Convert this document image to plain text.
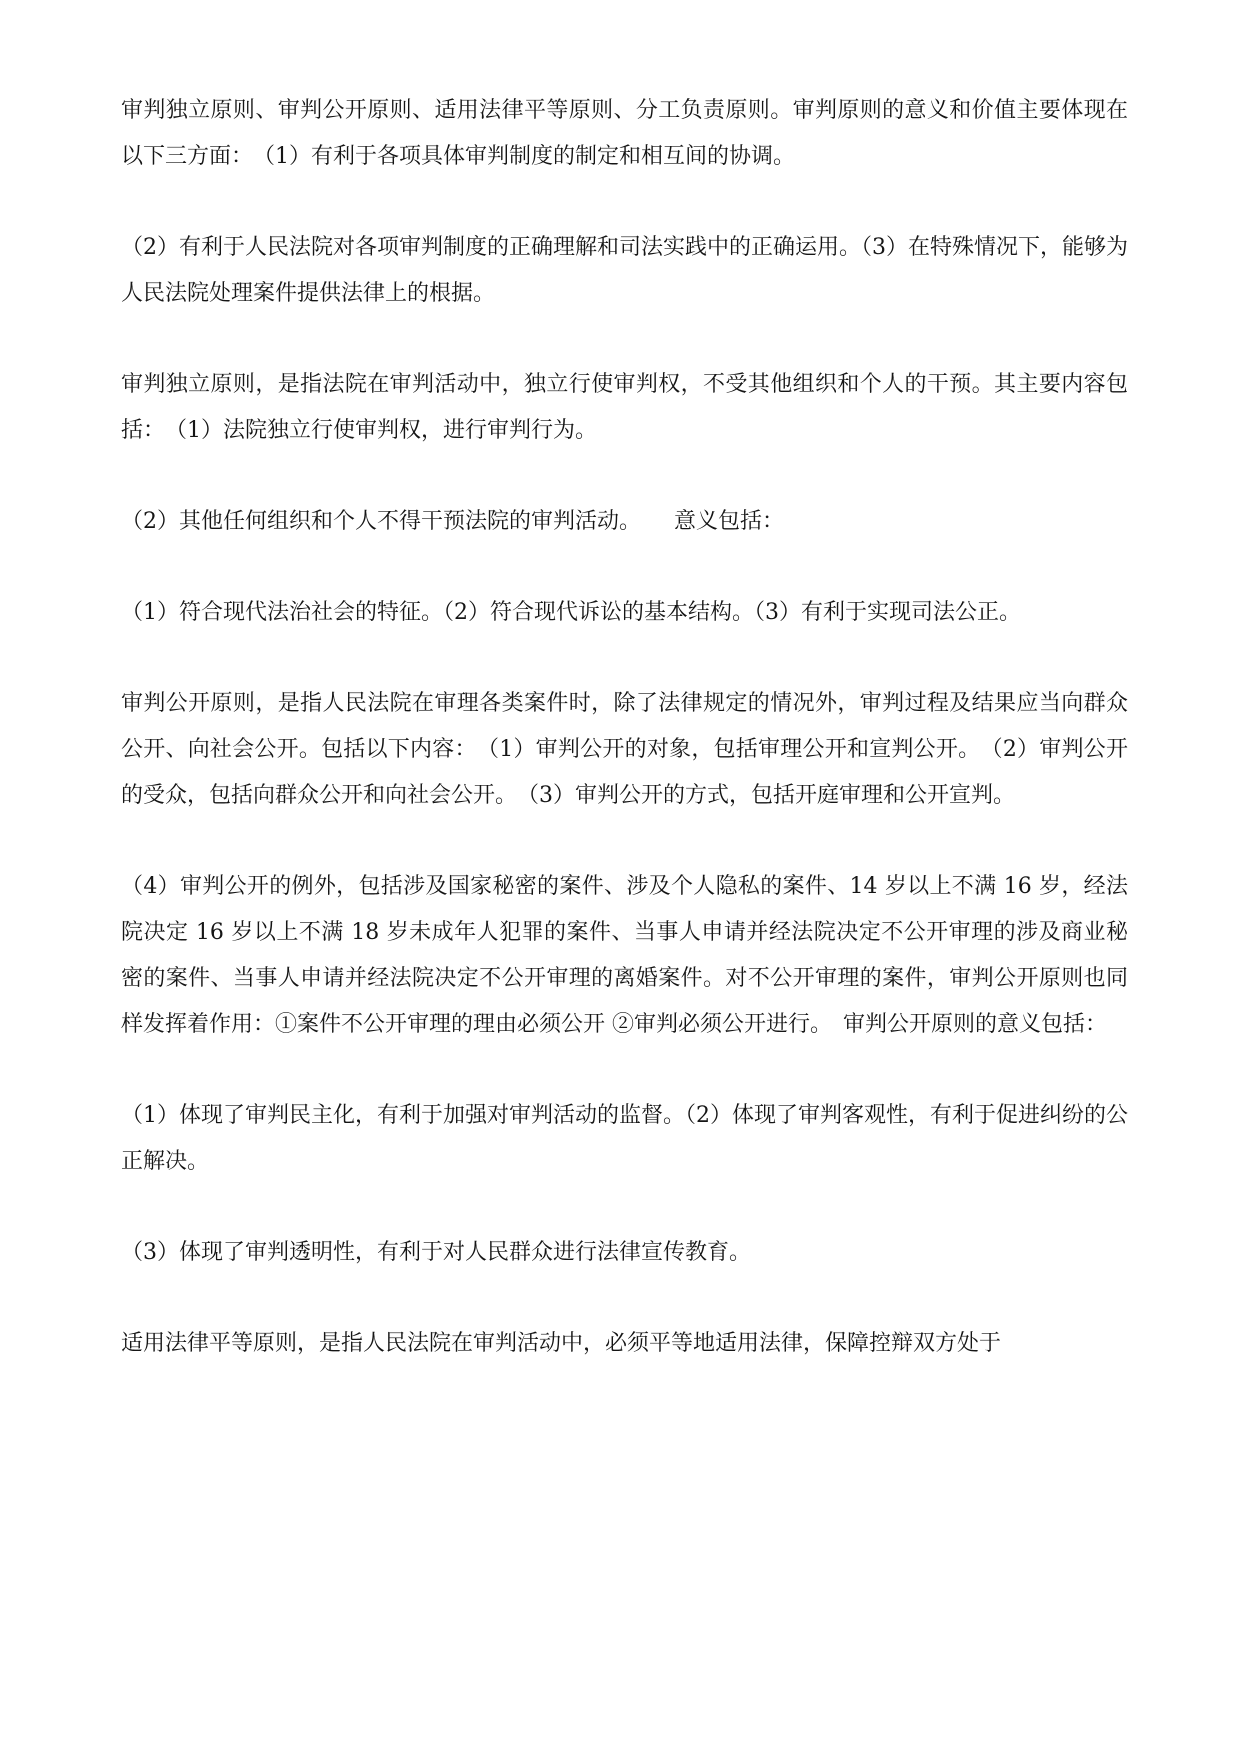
审判独立原则、审判公开原则、适用法律平等原则、分工负责原则。审判原则的意义和价值主要体现在以下三方面：　（1）有利于各项具体审判制度的制定和相互间的协调。

（2）有利于人民法院对各项审判制度的正确理解和司法实践中的正确运用。（3）在特殊情况下，能够为人民法院处理案件提供法律上的根据。

审判独立原则，是指法院在审判活动中，独立行使审判权，不受其他组织和个人的干预。其主要内容包括：　（1）法院独立行使审判权，进行审判行为。

（2）其他任何组织和个人不得干预法院的审判活动。　　意义包括：

（1）符合现代法治社会的特征。（2）符合现代诉讼的基本结构。（3）有利于实现司法公正。

审判公开原则，是指人民法院在审理各类案件时，除了法律规定的情况外，审判过程及结果应当向群众公开、向社会公开。包括以下内容：　（1）审判公开的对象，包括审理公开和宣判公开。　（2）审判公开的受众，包括向群众公开和向社会公开。　（3）审判公开的方式，包括开庭审理和公开宣判。

（4）审判公开的例外，包括涉及国家秘密的案件、涉及个人隐私的案件、14 岁以上不满 16 岁，经法院决定 16 岁以上不满 18 岁未成年人犯罪的案件、当事人申请并经法院决定不公开审理的涉及商业秘密的案件、当事人申请并经法院决定不公开审理的离婚案件。对不公开审理的案件，审判公开原则也同样发挥着作用：①案件不公开审理的理由必须公开 ②审判必须公开进行。　审判公开原则的意义包括：

（1）体现了审判民主化，有利于加强对审判活动的监督。（2）体现了审判客观性，有利于促进纠纷的公正解决。

（3）体现了审判透明性，有利于对人民群众进行法律宣传教育。

适用法律平等原则，是指人民法院在审判活动中，必须平等地适用法律，保障控辩双方处于
